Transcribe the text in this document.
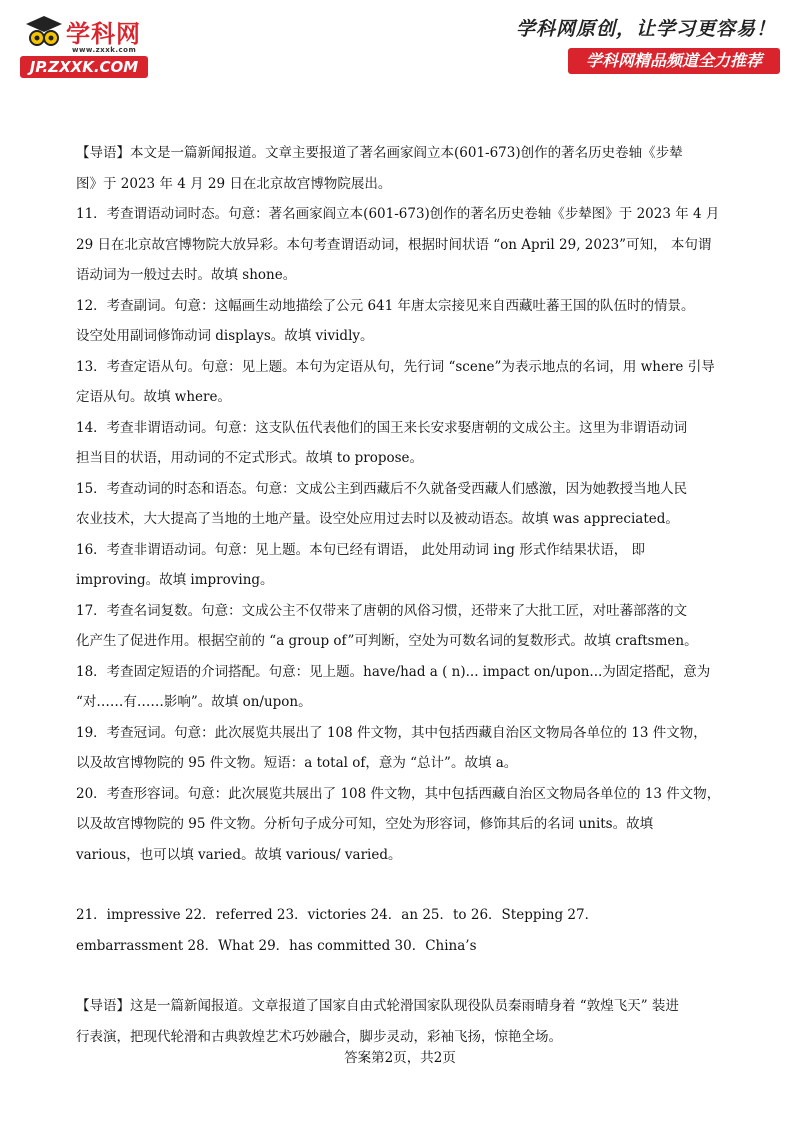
学科网
www.zxxk.com
JP.ZXXK.COM
学科网原创，让学习更容易！
学科网精品频道全力推荐
【导语】本文是一篇新闻报道。文章主要报道了著名画家阎立本(601-673)创作的著名历史卷轴《步辇
图》于 2023 年 4 月 29 日在北京故宫博物院展出。
11．考查谓语动词时态。句意：著名画家阎立本(601-673)创作的著名历史卷轴《步辇图》于 2023 年 4 月
29 日在北京故宫博物院大放异彩。本句考查谓语动词，根据时间状语 “on April 29, 2023”可知， 本句谓
语动词为一般过去时。故填 shone。
12．考查副词。句意：这幅画生动地描绘了公元 641 年唐太宗接见来自西藏吐蕃王国的队伍时的情景。
设空处用副词修饰动词 displays。故填 vividly。
13．考查定语从句。句意：见上题。本句为定语从句，先行词 “scene”为表示地点的名词，用 where 引导
定语从句。故填 where。
14．考查非谓语动词。句意：这支队伍代表他们的国王来长安求娶唐朝的文成公主。这里为非谓语动词
担当目的状语，用动词的不定式形式。故填 to propose。
15．考查动词的时态和语态。句意：文成公主到西藏后不久就备受西藏人们感激，因为她教授当地人民
农业技术，大大提高了当地的土地产量。设空处应用过去时以及被动语态。故填 was appreciated。
16．考查非谓语动词。句意：见上题。本句已经有谓语， 此处用动词 ing 形式作结果状语， 即
improving。故填 improving。
17．考查名词复数。句意：文成公主不仅带来了唐朝的风俗习惯，还带来了大批工匠，对吐蕃部落的文
化产生了促进作用。根据空前的 “a group of”可判断，空处为可数名词的复数形式。故填 craftsmen。
18．考查固定短语的介词搭配。句意：见上题。have/had a ( n)... impact on/upon...为固定搭配，意为
“对……有……影响”。故填 on/upon。
19．考查冠词。句意：此次展览共展出了 108 件文物，其中包括西藏自治区文物局各单位的 13 件文物，
以及故宫博物院的 95 件文物。短语：a total of，意为 “总计”。故填 a。
20．考查形容词。句意：此次展览共展出了 108 件文物，其中包括西藏自治区文物局各单位的 13 件文物，
以及故宫博物院的 95 件文物。分析句子成分可知，空处为形容词，修饰其后的名词 units。故填
various，也可以填 varied。故填 various/ varied。
21．impressive 22．referred 23．victories 24．an 25．to 26．Stepping 27．
embarrassment 28．What 29．has committed 30．China’s
【导语】这是一篇新闻报道。文章报道了国家自由式轮滑国家队现役队员秦雨晴身着 “敦煌飞天” 装进
行表演，把现代轮滑和古典敦煌艺术巧妙融合，脚步灵动，彩袖飞扬，惊艳全场。
答案第2页，共2页
